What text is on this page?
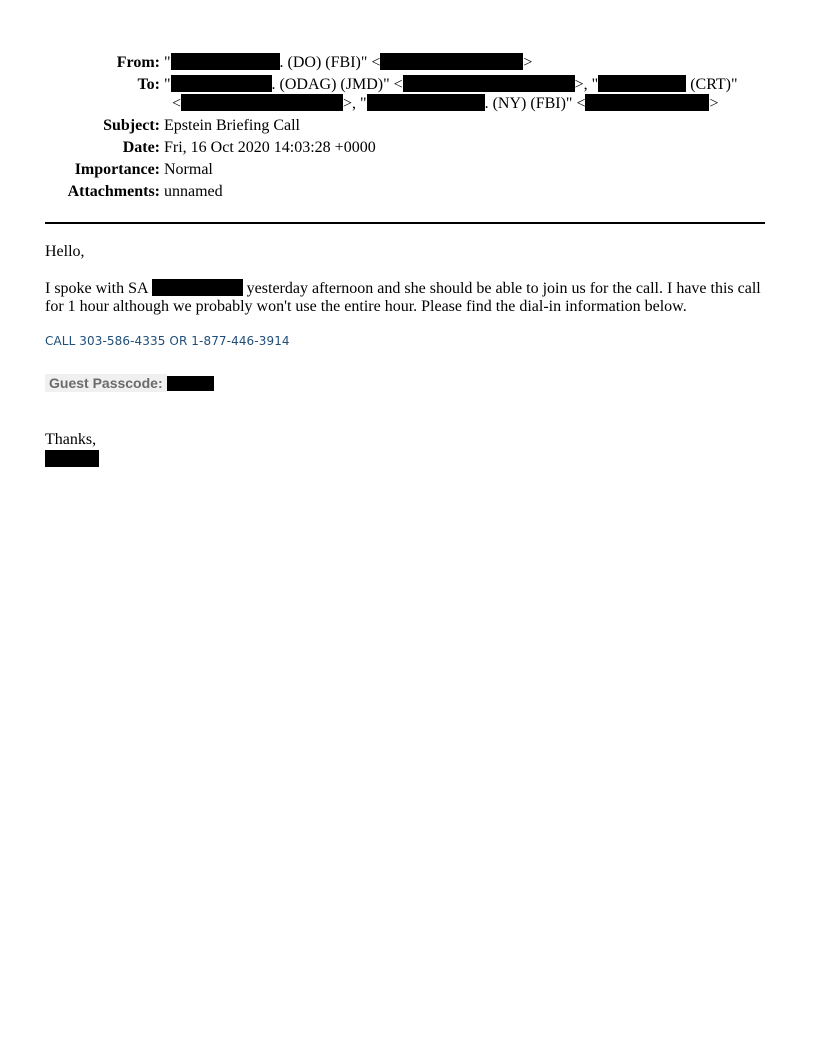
From: "	. (DO) (FBI)" <	>
To: "	. (ODAG) (JMD)" <	>, "	(CRT)"
<	>, "	. (NY) (FBI)" <	>
Subject: Epstein Briefing Call
Date: Fri, 16 Oct 2020 14:03:28 +0000
Importance: Normal
Attachments: unnamed

Hello,

I spoke with SA	yesterday afternoon and she should be able to join us for the call. I have this call for 1 hour although we probably won't use the entire hour. Please find the dial-in information below.

CALL 303-586-4335 OR 1-877-446-3914
Guest Passcode:
Thanks,
